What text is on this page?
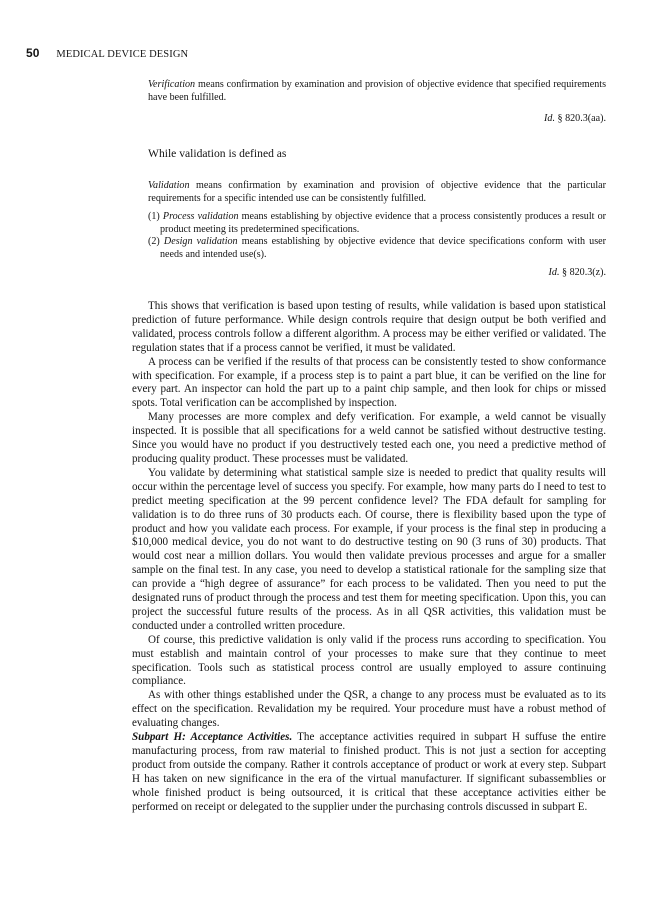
50 MEDICAL DEVICE DESIGN

Verification means confirmation by examination and provision of objective evidence that specified requirements have been fulfilled.

Id. § 820.3(aa).
While validation is defined as

Validation means confirmation by examination and provision of objective evidence that the particular requirements for a specific intended use can be consistently fulfilled.

(1) Process validation means establishing by objective evidence that a process consistently produces a result or product meeting its predetermined specifications.
(2) Design validation means establishing by objective evidence that device specifications conform with user needs and intended use(s).
Id. § 820.3(z).

This shows that verification is based upon testing of results, while validation is based upon statistical prediction of future performance. While design controls require that design output be both verified and validated, process controls follow a different algorithm. A process may be either verified or validated. The regulation states that if a process cannot be verified, it must be validated.

A process can be verified if the results of that process can be consistently tested to show conformance with specification. For example, if a process step is to paint a part blue, it can be verified on the line for every part. An inspector can hold the part up to a paint chip sample, and then look for chips or missed spots. Total verification can be accomplished by inspection.

Many processes are more complex and defy verification. For example, a weld cannot be visually inspected. It is possible that all specifications for a weld cannot be satisfied without destructive testing. Since you would have no product if you destructively tested each one, you need a predictive method of producing quality product. These processes must be validated.

You validate by determining what statistical sample size is needed to predict that quality results will occur within the percentage level of success you specify. For example, how many parts do I need to test to predict meeting specification at the 99 percent confidence level? The FDA default for sampling for validation is to do three runs of 30 products each. Of course, there is flexibility based upon the type of product and how you validate each process. For example, if your process is the final step in producing a $10,000 medical device, you do not want to do destructive testing on 90 (3 runs of 30) products. That would cost near a million dollars. You would then validate previous processes and argue for a smaller sample on the final test. In any case, you need to develop a statistical rationale for the sampling size that can provide a “high degree of assurance” for each process to be validated. Then you need to put the designated runs of product through the process and test them for meeting specification. Upon this, you can project the successful future results of the process. As in all QSR activities, this validation must be conducted under a controlled written procedure.

Of course, this predictive validation is only valid if the process runs according to specification. You must establish and maintain control of your processes to make sure that they continue to meet specification. Tools such as statistical process control are usually employed to assure continuing compliance.

As with other things established under the QSR, a change to any process must be evaluated as to its effect on the specification. Revalidation my be required. Your procedure must have a robust method of evaluating changes.

Subpart H: Acceptance Activities. The acceptance activities required in subpart H suffuse the entire manufacturing process, from raw material to finished product. This is not just a section for accepting product from outside the company. Rather it controls acceptance of product or work at every step. Subpart H has taken on new significance in the era of the virtual manufacturer. If significant subassemblies or whole finished product is being outsourced, it is critical that these acceptance activities either be performed on receipt or delegated to the supplier under the purchasing controls discussed in subpart E.
